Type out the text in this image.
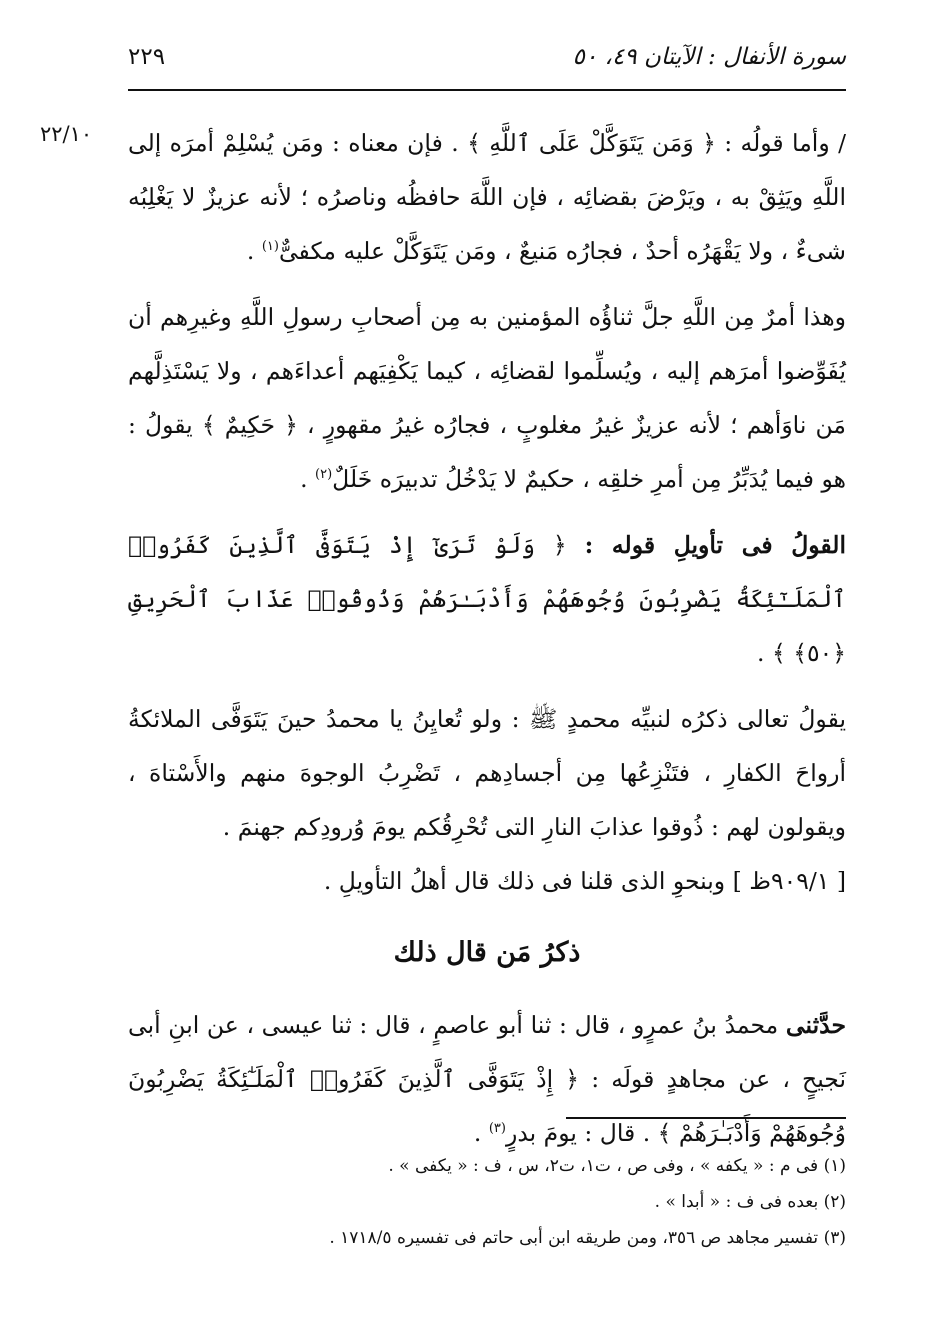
سورة الأنفال : الآيتان ٤٩، ٥٠
٢٢٩
٢٢/١٠ / وأما قولُه : ﴿ وَمَن يَتَوَكَّلْ عَلَى ٱللَّهِ ﴾ . فإن معناه : ومَن يُسْلِمْ أمرَه إلى اللَّهِ ويَثِقْ به ، ويَرْضَ بقضائِه ، فإن اللَّهَ حافظُه وناصرُه ؛ لأنه عزيزٌ لا يَغْلِبُه شىءٌ ، ولا يَقْهَرُه أحدٌ ، فجارُه مَنيعٌ ، ومَن يَتَوَكَّلْ عليه مكفىٌّ$^{(١)}$ .

وهذا أمرٌ مِن اللَّهِ جلَّ ثناؤُه المؤمنين به مِن أصحابِ رسولِ اللَّهِ وغيرِهم أن يُفَوِّضوا أمرَهم إليه ، ويُسلِّموا لقضائِه ، كيما يَكْفِيَهم أعداءَهم ، ولا يَسْتَذِلَّهم مَن ناوَأهم ؛ لأنه عزيزٌ غيرُ مغلوبٍ ، فجارُه غيرُ مقهورٍ ، ﴿ حَكِيمٌ ﴾ يقولُ : هو فيما يُدَبِّرُ مِن أمرِ خلقِه ، حكيمٌ لا يَدْخُلُ تدبيرَه خَلَلٌ$^{(٢)}$ .

القولُ فى تأويلِ قوله : ﴿ وَلَوْ تَرَىٰٓ إِذْ يَتَوَفَّى ٱلَّذِينَ كَفَرُوا۟ ٱلْمَلَـٰٓئِكَةُ يَضْرِبُونَ وُجُوهَهُمْ وَأَدْبَـٰرَهُمْ وَذُوقُوا۟ عَذَابَ ٱلْحَرِيقِ ﴿٥٠﴾ ﴾ .

يقولُ تعالى ذكرُه لنبيِّه محمدٍ ﷺ : ولو تُعايِنُ يا محمدُ حينَ يَتَوَفَّى الملائكةُ أرواحَ الكفارِ ، فتَنْزِعُها مِن أجسادِهم ، تَضْرِبُ الوجوهَ منهم والأَسْتاهَ ، ويقولون لهم : ذُوقوا عذابَ النارِ التى تُحْرِقُكم يومَ وُرودِكم جهنمَ .

[ ٩٠٩/١ظ ] وبنحوِ الذى قلنا فى ذلك قال أهلُ التأويلِ .

ذكرُ مَن قال ذلك

حدَّثنى محمدُ بنُ عمرٍو ، قال : ثنا أبو عاصمٍ ، قال : ثنا عيسى ، عن ابنِ أبى نَجيحٍ ، عن مجاهدٍ قولَه : ﴿ إِذْ يَتَوَفَّى ٱلَّذِينَ كَفَرُوا۟ ٱلْمَلَـٰٓئِكَةُ يَضْرِبُونَ وُجُوهَهُمْ وَأَدْبَـٰرَهُمْ ﴾ . قال : يومَ بدرٍ$^{(٣)}$ .

(١) فى م : « يكفه » ، وفى ص ، ت١، ت٢، س ، ف : « يكفى » .

(٢) بعده فى ف : « أبدا » .

(٣) تفسير مجاهد ص ٣٥٦، ومن طريقه ابن أبى حاتم فى تفسيره ١٧١٨/٥ .
